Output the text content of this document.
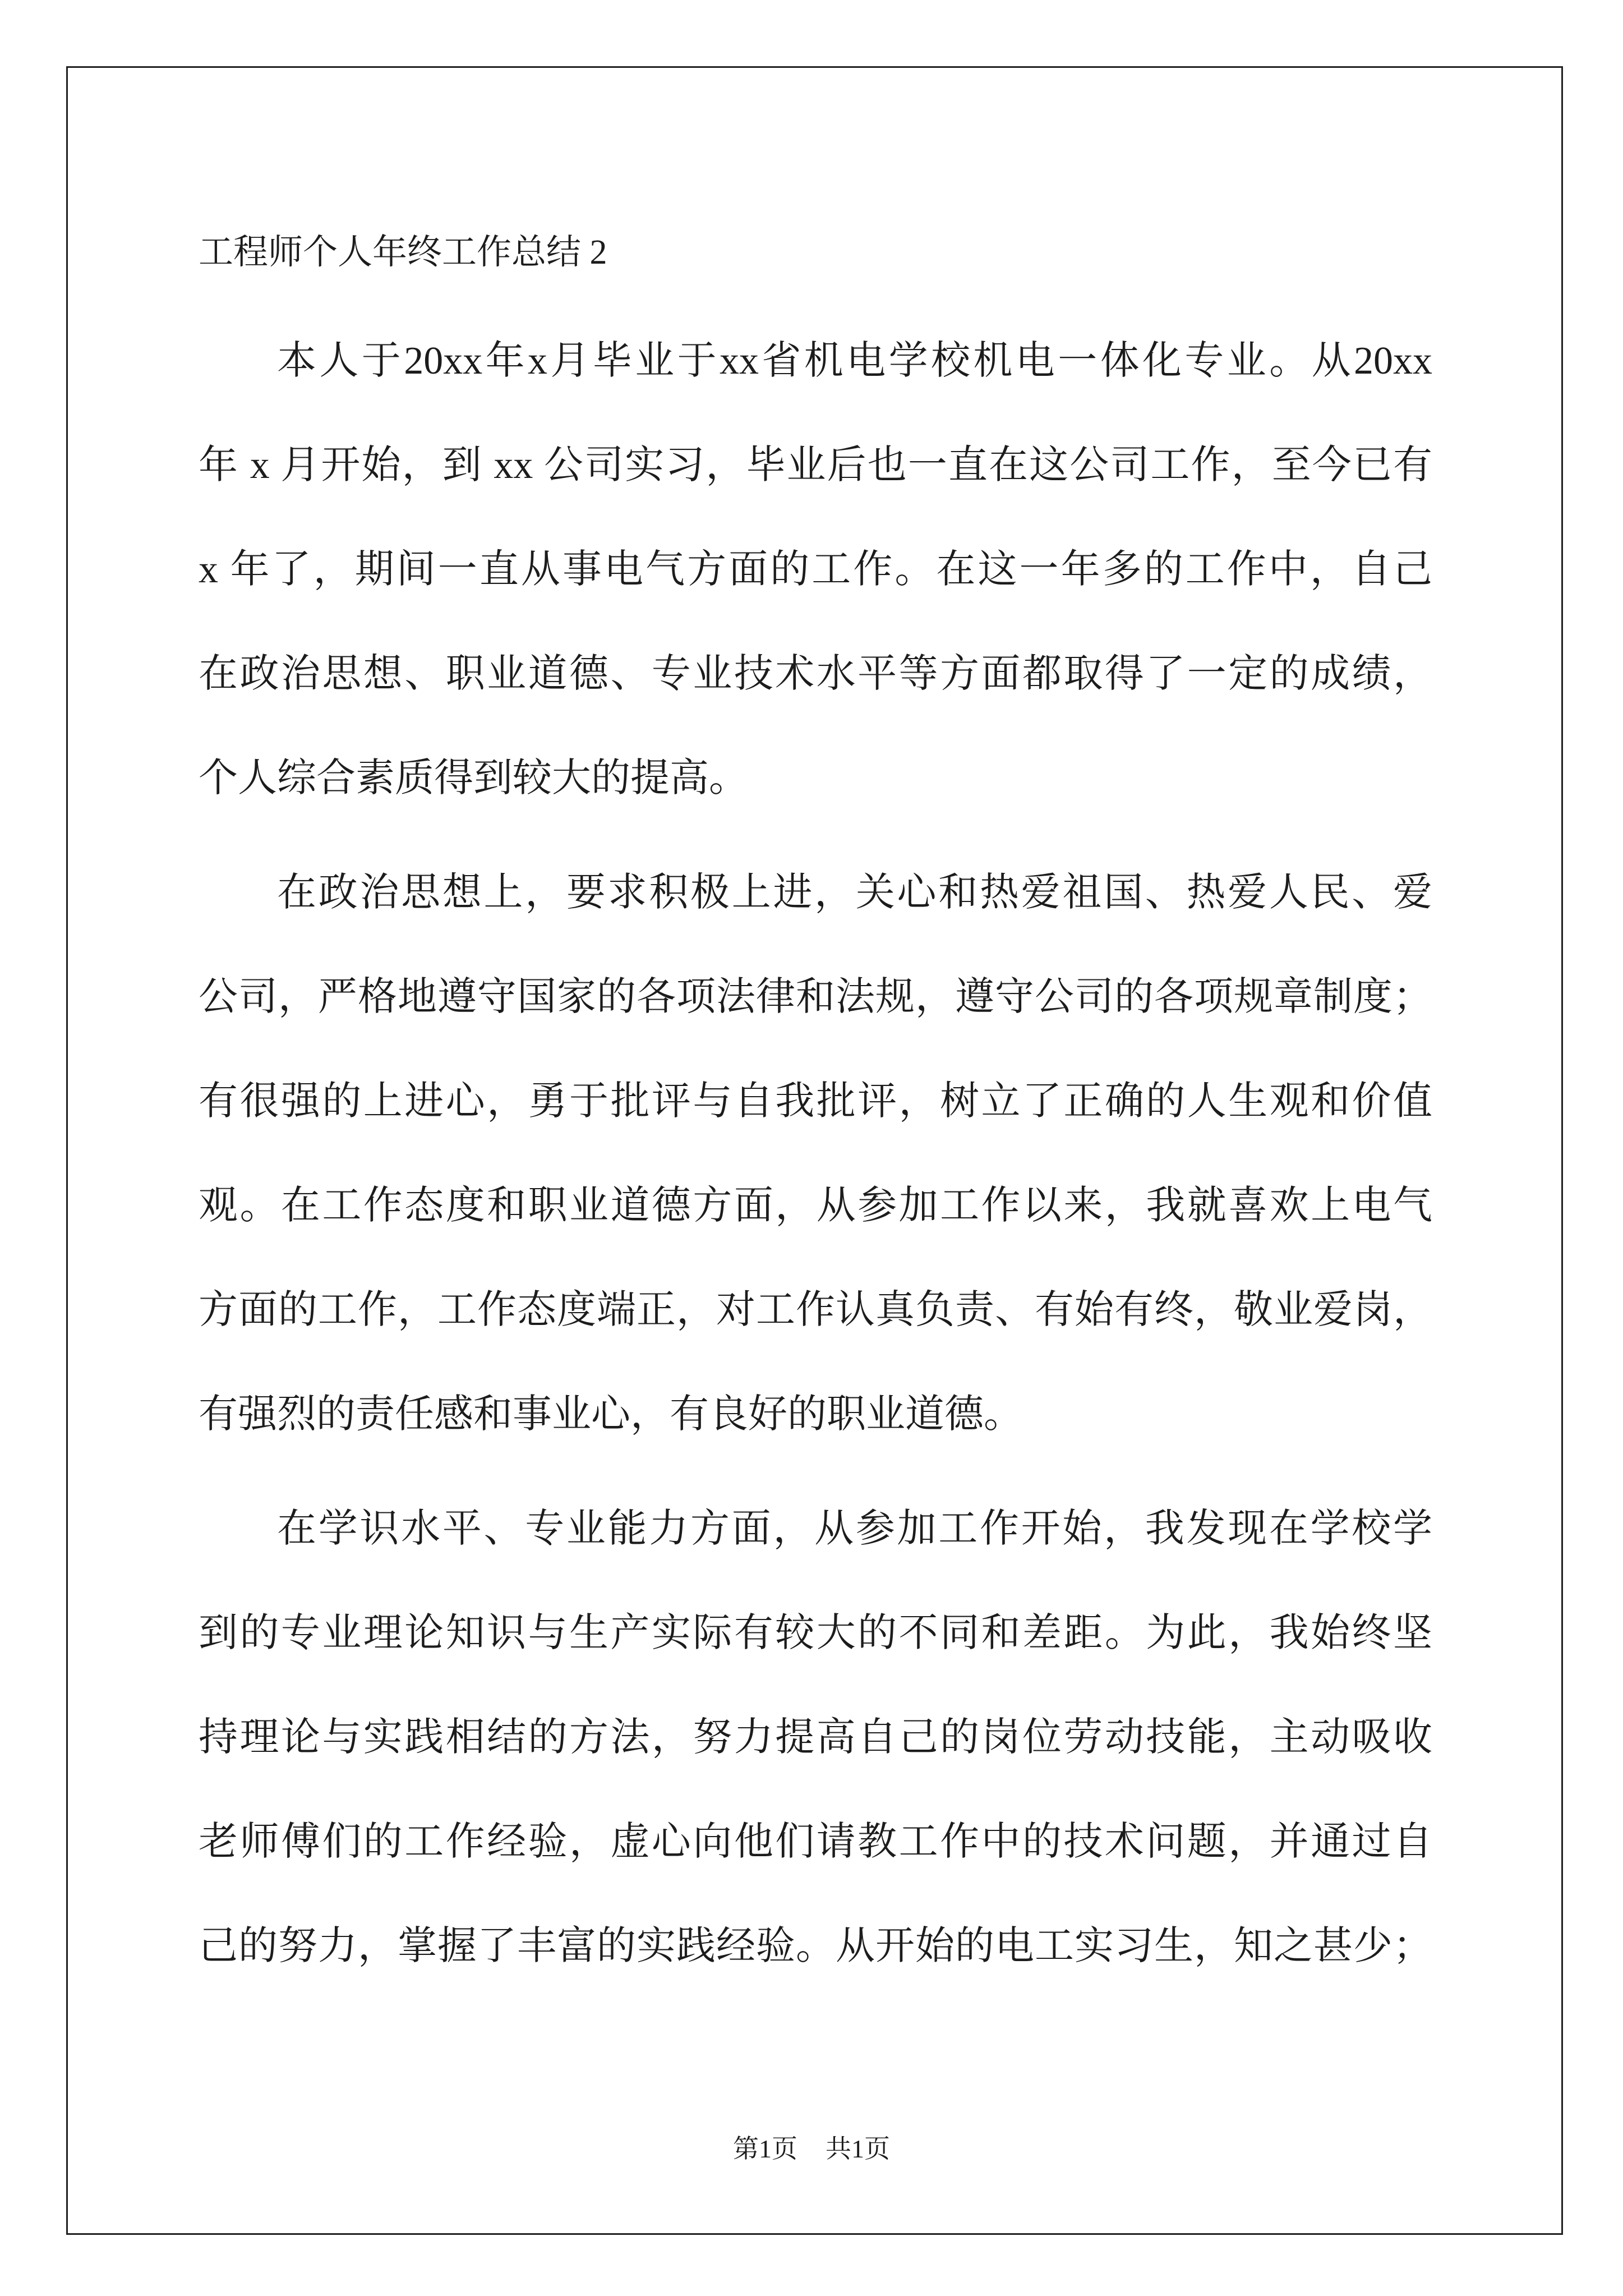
工程师个人年终工作总结 2
本人于20xx年x月毕业于xx省机电学校机电一体化专业。从20xx
年 x 月开始，到 xx 公司实习，毕业后也一直在这公司工作，至今已有
x 年了，期间一直从事电气方面的工作。在这一年多的工作中，自己
在政治思想、职业道德、专业技术水平等方面都取得了一定的成绩，
个人综合素质得到较大的提高。
在政治思想上，要求积极上进，关心和热爱祖国、热爱人民、爱
公司，严格地遵守国家的各项法律和法规，遵守公司的各项规章制度；
有很强的上进心，勇于批评与自我批评，树立了正确的人生观和价值
观。在工作态度和职业道德方面，从参加工作以来，我就喜欢上电气
方面的工作，工作态度端正，对工作认真负责、有始有终，敬业爱岗，
有强烈的责任感和事业心，有良好的职业道德。
在学识水平、专业能力方面，从参加工作开始，我发现在学校学
到的专业理论知识与生产实际有较大的不同和差距。为此，我始终坚
持理论与实践相结的方法，努力提高自己的岗位劳动技能，主动吸收
老师傅们的工作经验，虚心向他们请教工作中的技术问题，并通过自
己的努力，掌握了丰富的实践经验。从开始的电工实习生，知之甚少；
第1页 共1页
